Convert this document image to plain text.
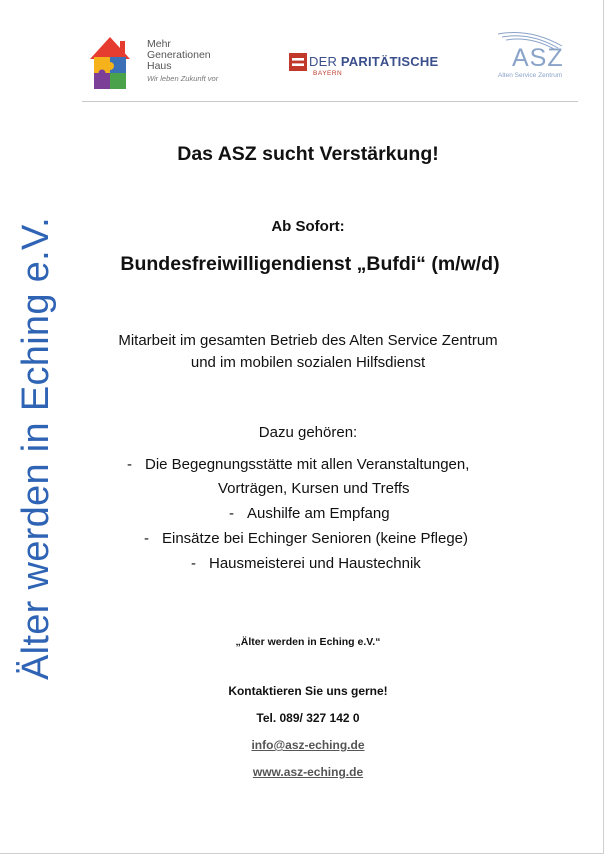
Mehr
Generationen
Haus
Wir leben Zukunft vor
DER PARITÄTISCHE
BAYERN
ASZ
Alten Service Zentrum
Älter werden in Eching e.V.
Das ASZ sucht Verstärkung!
Ab Sofort:
Bundesfreiwilligendienst „Bufdi“ (m/w/d)
Mitarbeit im gesamten Betrieb des Alten Service Zentrum
und im mobilen sozialen Hilfsdienst
Dazu gehören:
- Die Begegnungsstätte mit allen Veranstaltungen,
Vorträgen, Kursen und Treffs
- Aushilfe am Empfang
- Einsätze bei Echinger Senioren (keine Pflege)
- Hausmeisterei und Haustechnik
„Älter werden in Eching e.V.“
Kontaktieren Sie uns gerne!
Tel. 089/ 327 142 0
info@asz-eching.de
www.asz-eching.de
